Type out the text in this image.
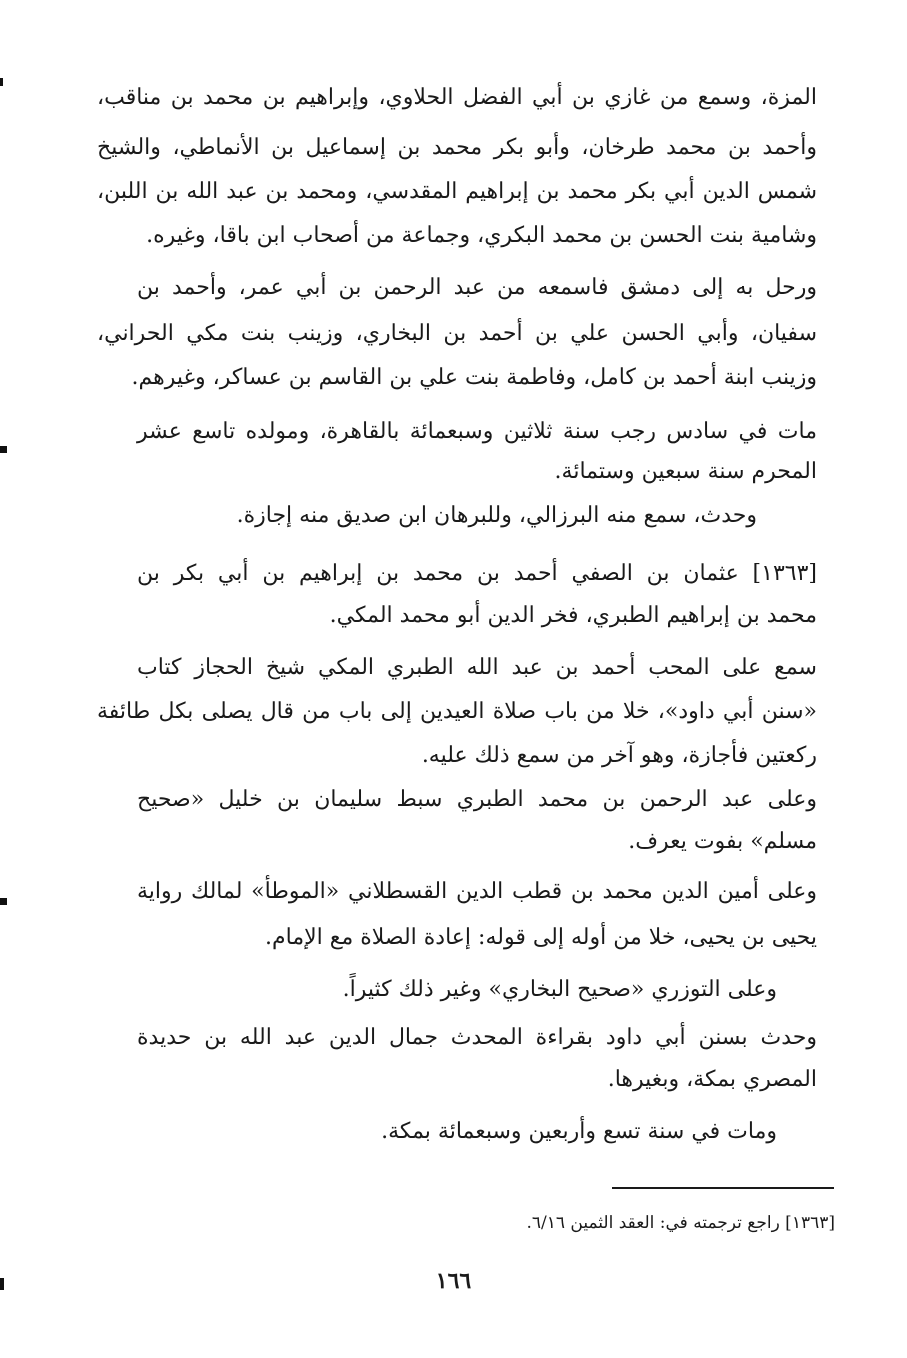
المزة، وسمع من غازي بن أبي الفضل الحلاوي، وإبراهيم بن محمد بن مناقب،
وأحمد بن محمد طرخان، وأبو بكر محمد بن إسماعيل بن الأنماطي، والشيخ
شمس الدين أبي بكر محمد بن إبراهيم المقدسي، ومحمد بن عبد الله بن اللبن،
وشامية بنت الحسن بن محمد البكري، وجماعة من أصحاب ابن باقا، وغيره.
ورحل به إلى دمشق فاسمعه من عبد الرحمن بن أبي عمر، وأحمد بن
سفيان، وأبي الحسن علي بن أحمد بن البخاري، وزينب بنت مكي الحراني،
وزينب ابنة أحمد بن كامل، وفاطمة بنت علي بن القاسم بن عساكر، وغيرهم.
مات في سادس رجب سنة ثلاثين وسبعمائة بالقاهرة، ومولده تاسع عشر
المحرم سنة سبعين وستمائة.
وحدث، سمع منه البرزالي، وللبرهان ابن صديق منه إجازة.
[١٣٦٣] عثمان بن الصفي أحمد بن محمد بن إبراهيم بن أبي بكر بن
محمد بن إبراهيم الطبري، فخر الدين أبو محمد المكي.
سمع على المحب أحمد بن عبد الله الطبري المكي شيخ الحجاز كتاب
«سنن أبي داود»، خلا من باب صلاة العيدين إلى باب من قال يصلى بكل طائفة
ركعتين فأجازة، وهو آخر من سمع ذلك عليه.
وعلى عبد الرحمن بن محمد الطبري سبط سليمان بن خليل «صحيح
مسلم» بفوت يعرف.
وعلى أمين الدين محمد بن قطب الدين القسطلاني «الموطأ» لمالك رواية
يحيى بن يحيى، خلا من أوله إلى قوله: إعادة الصلاة مع الإمام.
وعلى التوزري «صحيح البخاري» وغير ذلك كثيراً.
وحدث بسنن أبي داود بقراءة المحدث جمال الدين عبد الله بن حديدة
المصري بمكة، وبغيرها.
ومات في سنة تسع وأربعين وسبعمائة بمكة.
[١٣٦٣] راجع ترجمته في: العقد الثمين ٦/١٦.
١٦٦
